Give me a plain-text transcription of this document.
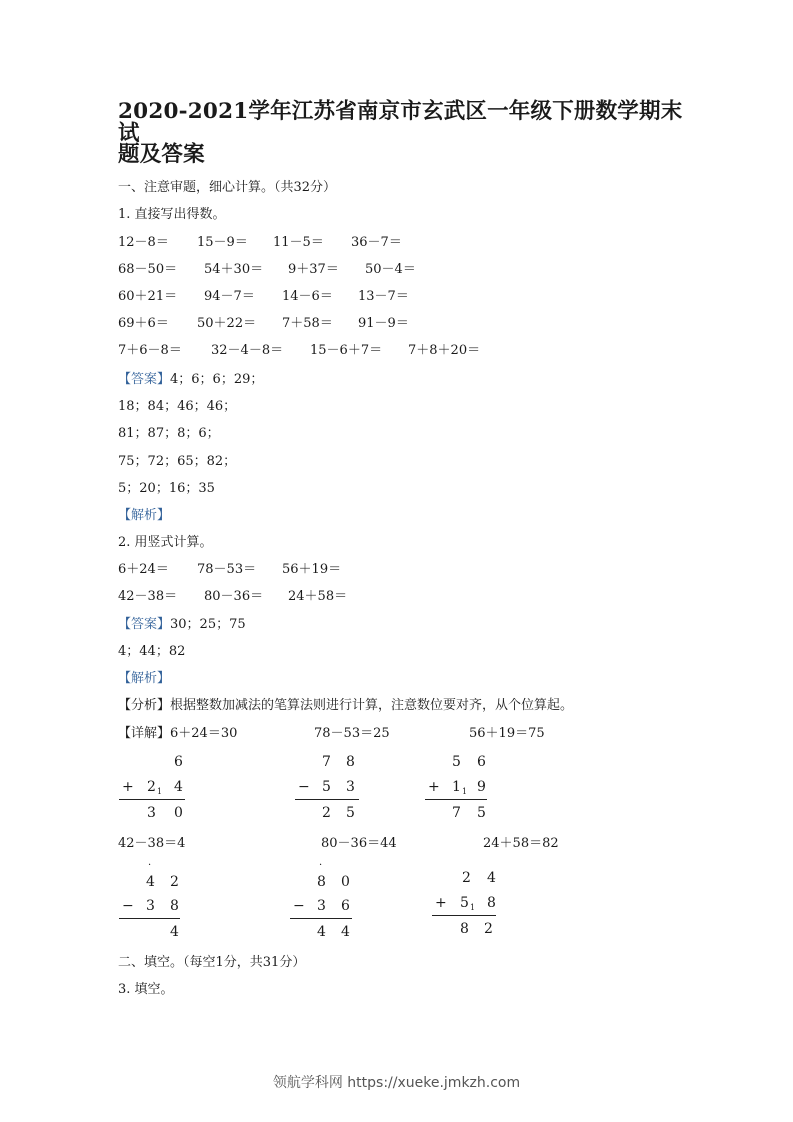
2020-2021学年江苏省南京市玄武区一年级下册数学期末试
题及答案
一、注意审题，细心计算。（共32分）
1. 直接写出得数。
12－8＝ 15－9＝ 11－5＝ 36－7＝
68－50＝ 54＋30＝ 9＋37＝ 50－4＝
60＋21＝ 94－7＝ 14－6＝ 13－7＝
69＋6＝ 50＋22＝ 7＋58＝ 91－9＝
7＋6－8＝ 32－4－8＝ 15－6＋7＝ 7＋8＋20＝
【答案】4；6；6；29；
18；84；46；46；
81；87；8；6；
75；72；65；82；
5；20；16；35
【解析】
2. 用竖式计算。
6＋24＝ 78－53＝ 56＋19＝
42－38＝ 80－36＝ 24＋58＝
【答案】30；25；75
4；44；82
【解析】
【分析】根据整数加减法的笔算法则进行计算，注意数位要对齐，从个位算起。
【详解】6＋24＝30	78－53＝25	56＋19＝75
6
+ 2 1 4
3 0
7 8
− 5 3
2 5
5 6
+ 1 1 9
7 5
42－38＝4	80－36＝44	24＋58＝82
·
4 2
− 3 8
4
·
8 0
− 3 6
4 4
2 4
+ 5 1 8
8 2
二、填空。（每空1分，共31分）
3. 填空。
领航学科网 https://xueke.jmkzh.com
